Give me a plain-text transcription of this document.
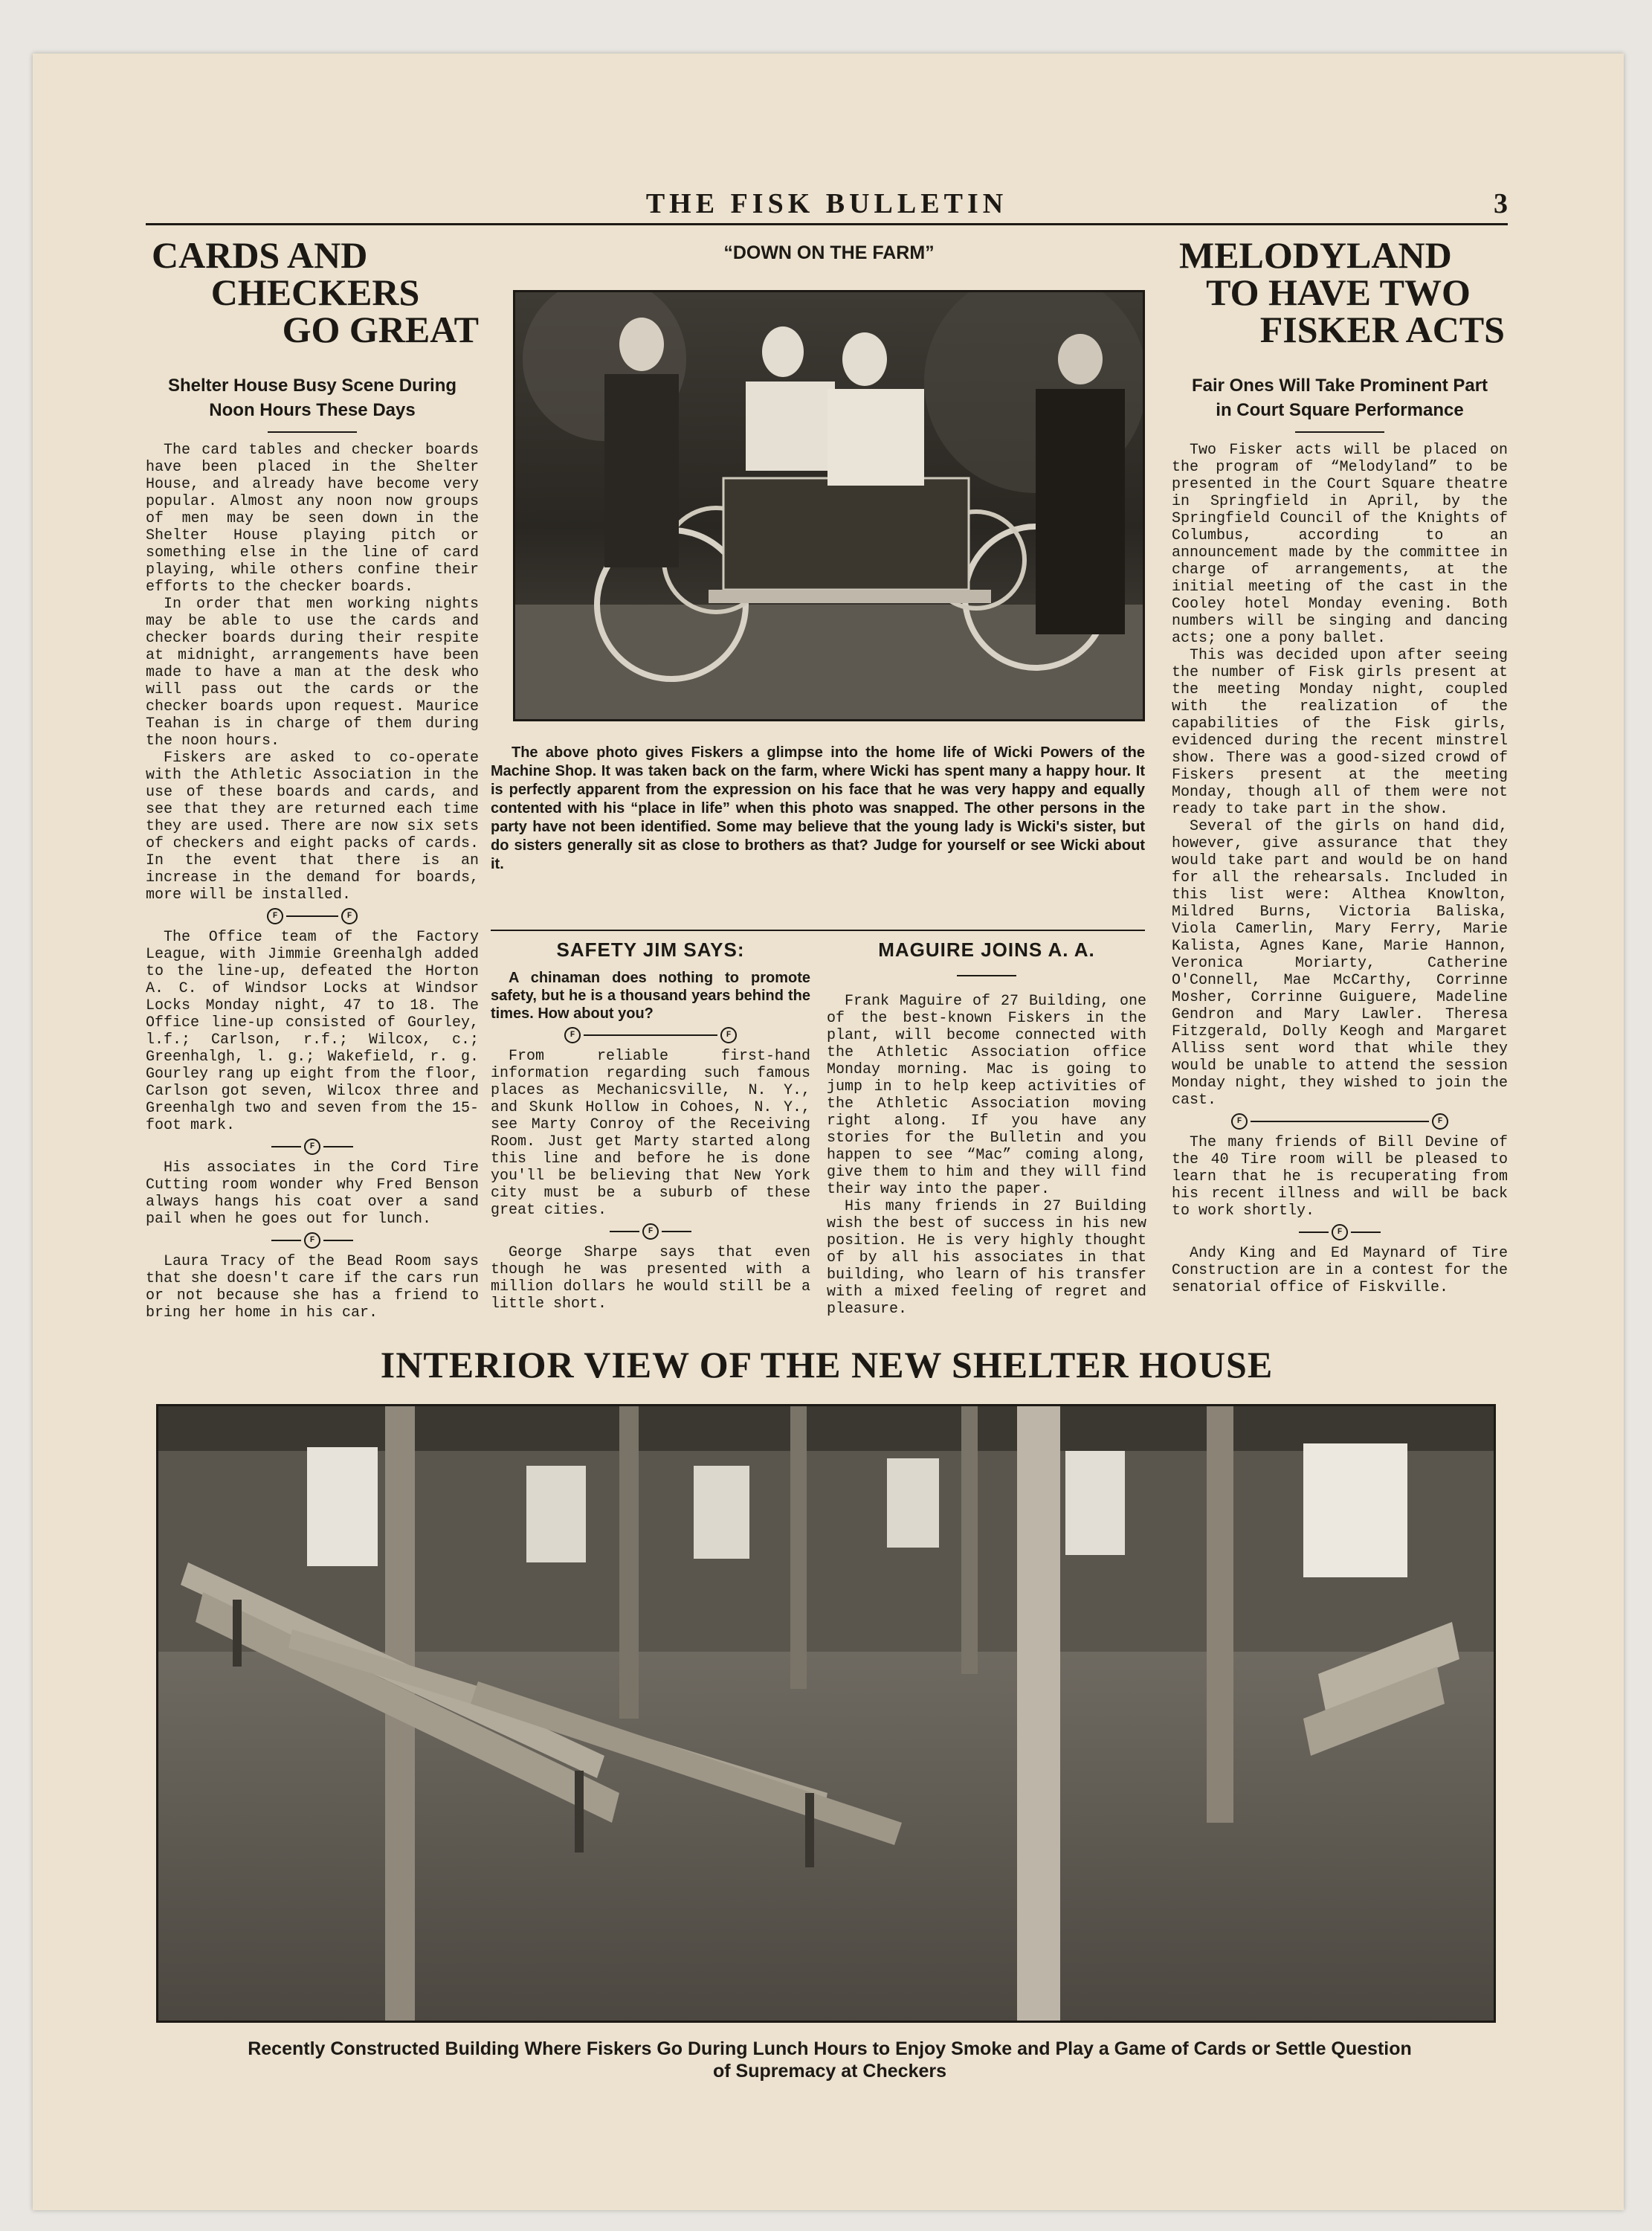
THE FISK BULLETIN	3

CARDS AND

CHECKERS

GO GREAT

Shelter House Busy Scene During Noon Hours These Days

The card tables and checker boards have been placed in the Shelter House, and already have become very popular. Almost any noon now groups of men may be seen down in the Shelter House playing pitch or something else in the line of card playing, while others confine their efforts to the checker boards.

In order that men working nights may be able to use the cards and checker boards during their respite at midnight, arrangements have been made to have a man at the desk who will pass out the cards or the checker boards upon request. Maurice Teahan is in charge of them during the noon hours.

Fiskers are asked to co-operate with the Athletic Association in the use of these boards and cards, and see that they are returned each time they are used. There are now six sets of checkers and eight packs of cards. In the event that there is an increase in the demand for boards, more will be installed.

F	F

The Office team of the Factory League, with Jimmie Greenhalgh added to the line-up, defeated the Horton A. C. of Windsor Locks at Windsor Locks Monday night, 47 to 18. The Office line-up consisted of Gourley, l.f.; Carlson, r.f.; Wilcox, c.; Greenhalgh, l. g.; Wakefield, r. g. Gourley rang up eight from the floor, Carlson got seven, Wilcox three and Greenhalgh two and seven from the 15-foot mark.

F

His associates in the Cord Tire Cutting room wonder why Fred Benson always hangs his coat over a sand pail when he goes out for lunch.

F

Laura Tracy of the Bead Room says that she doesn't care if the cars run or not because she has a friend to bring her home in his car.

“DOWN ON THE FARM”

The above photo gives Fiskers a glimpse into the home life of Wicki Powers of the Machine Shop. It was taken back on the farm, where Wicki has spent many a happy hour. It is perfectly apparent from the expression on his face that he was very happy and equally contented with his “place in life” when this photo was snapped. The other persons in the party have not been identified. Some may believe that the young lady is Wicki's sister, but do sisters generally sit as close to brothers as that? Judge for yourself or see Wicki about it.

SAFETY JIM SAYS:

A chinaman does nothing to promote safety, but he is a thousand years behind the times. How about you?

F	F

From reliable first-hand information regarding such famous places as Mechanicsville, N. Y., and Skunk Hollow in Cohoes, N. Y., see Marty Conroy of the Receiving Room. Just get Marty started along this line and before he is done you'll be believing that New York city must be a suburb of these great cities.

F

George Sharpe says that even though he was presented with a million dollars he would still be a little short.

MAGUIRE JOINS A. A.

Frank Maguire of 27 Building, one of the best-known Fiskers in the plant, will become connected with the Athletic Association office Monday morning. Mac is going to jump in to help keep activities of the Athletic Association moving right along. If you have any stories for the Bulletin and you happen to see “Mac” coming along, give them to him and they will find their way into the paper.

His many friends in 27 Building wish the best of success in his new position. He is very highly thought of by all his associates in that building, who learn of his transfer with a mixed feeling of regret and pleasure.

MELODYLAND

TO HAVE TWO

FISKER ACTS

Fair Ones Will Take Prominent Part in Court Square Performance

Two Fisker acts will be placed on the program of “Melodyland” to be presented in the Court Square theatre in Springfield in April, by the Springfield Council of the Knights of Columbus, according to an announcement made by the committee in charge of arrangements, at the initial meeting of the cast in the Cooley hotel Monday evening. Both numbers will be singing and dancing acts; one a pony ballet.

This was decided upon after seeing the number of Fisk girls present at the meeting Monday night, coupled with the realization of the capabilities of the Fisk girls, evidenced during the recent minstrel show. There was a good-sized crowd of Fiskers present at the meeting Monday, though all of them were not ready to take part in the show.

Several of the girls on hand did, however, give assurance that they would take part and would be on hand for all the rehearsals. Included in this list were: Althea Knowlton, Mildred Burns, Victoria Baliska, Viola Camerlin, Mary Ferry, Marie Kalista, Agnes Kane, Marie Hannon, Veronica Moriarty, Catherine O'Connell, Mae McCarthy, Corrinne Mosher, Corrinne Guiguere, Madeline Gendron and Mary Lawler. Theresa Fitzgerald, Dolly Keogh and Margaret Alliss sent word that while they would be unable to attend the session Monday night, they wished to join the cast.

F	F

The many friends of Bill Devine of the 40 Tire room will be pleased to learn that he is recuperating from his recent illness and will be back to work shortly.

F

Andy King and Ed Maynard of Tire Construction are in a contest for the senatorial office of Fiskville.

INTERIOR VIEW OF THE NEW SHELTER HOUSE
Recently Constructed Building Where Fiskers Go During Lunch Hours to Enjoy Smoke and Play a Game of Cards or Settle Question
of Supremacy at Checkers
